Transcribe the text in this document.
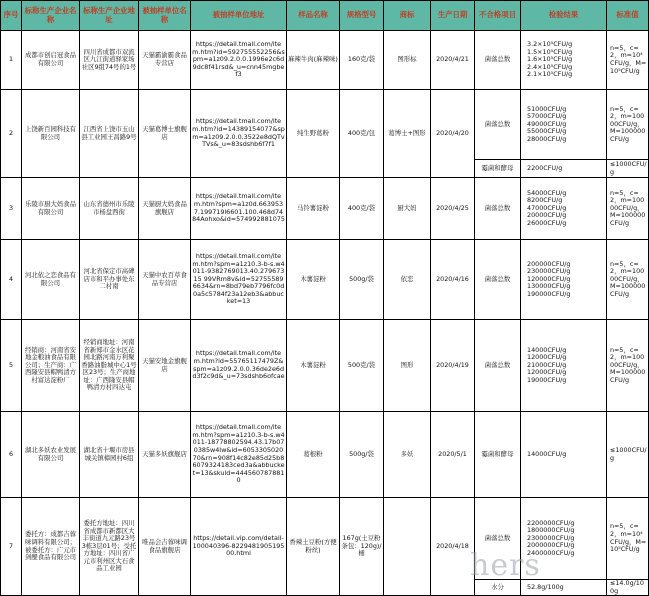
序号	标称生产企业名称	标称生产企业地址	被抽样单位名称	被抽样单位地址	样品名称	规格型号	商标	生产日期	不合格项目	检验结果	标准值
1	成都市创启冠食品有限公司	四川省成都市双流区九江街道驿家场社区9组74号的1号	天猫霸渝霸食品专营店	https://detail.tmall.com/item.htm?id=592755552256&spm=a1z09.2.0.0.1996e2c6d9dc8f41rsd&_u=cnn45mgbef3	麻辣牛肉(麻辣味)	160克/袋	图形标	2020/4/21	菌落总数	3.2×10⁵CFU/g
1.5×10⁵CFU/g
1.6×10⁵CFU/g
2.4×10⁵CFU/g
2.1×10⁵CFU/g	n=5，c=2，m=10⁴CFU/g，M=10⁵CFU/g
2	上饶新百园科技有限公司	江西省上饶市玉山县工业园王昌路9号	天猫葛博士旗舰店	https://detail.tmall.com/item.htm?id=14389154077&spm=a1z09.2.0.0.3522e8dQTvTVs&_u=83sdshb6f7f1	纯生野葛粉	400克/包	葛博士+图形	2020/4/20	菌落总数	51000CFU/g
57000CFU/g
49000CFU/g
55000CFU/g
28000CFU/g	n=5，c=2，m=10000CFU/g，M=100000CFU/g
									霉菌和酵母	2200CFU/g	≤1000CFU/g
3	乐陵市厨大妈食品有限公司	山东省德州市乐陵市杨盘西街	天猫厨大妈食品旗舰店	https://detail.tmall.com/item.htm?spm=a1z0d.6639537.199719l6601.100.468d7484Aohxo&id=574992881075	马铃薯淀粉	400克/袋	厨大妈	2020/4/25	菌落总数	54000CFU/g
8200CFU/g
47000CFU/g
20000CFU/g
26000CFU/g	n=5，c=2，m=10000CFU/g，M=100000CFU/g
4	河北依之恋食品有限公司	河北省保定市高碑店市和平办事处东二村南	天猫中农百草食品专营店	https://detail.tmall.com/item.htm?spm=a1z10.3-b-s.w4011-9382769013.40.27967315 99VRm8v&id=527555896634&rn=8bd79eb7796fc0d0a5c5784f23a12eb3&abbucket=13	木薯淀粉	500g/袋	依恋	2020/4/16	菌落总数	200000CFU/g
230000CFU/g
120000CFU/g
130000CFU/g
190000CFU/g	n=5，c=2，m=10000CFU/g，M=100000CFU/g
5	经销商：河南省安地金粮油食品有限公司；生产商：广西隆安县帽鸭清方村富达淀粉厂	经销商地址：河南省新郑市金水区花园北路河南万利聚香路油脂城中心1号区23号；生产商地址：广西隆安县帽鸭清方村四达屯	天猫安地金旗舰店	https://detail.tmall.com/item.htm?id=55765117479Z&spm=a1z09.2.0.0.36de2e6dd3f2c9d&_u=73sdshb6ofcae	木薯淀粉	500克/袋	图形	2020/4/19	菌落总数	14000CFU/g
12000CFU/g
21000CFU/g
12000CFU/g
19000CFU/g	n=5，c=2，m=10000CFU/g，M=100000CFU/g
6	湖北多妖农业发展有限公司	湖北省十堰市房县城关镇樟园村6组	天猫多妖旗舰店	https://detail.tmall.com/item.htm?spm=a1z10.3-b-s.w4011-18778802594.43.17b070385w4Iw&id=605330502070&rn=908f14c82e85d25b86079324183ced3a&abbucket=13&skuld=4445607878810	葛根粉	500g/袋	多妖	2020/5/1	霉菌和酵母	14000CFU/g	≤1000CFU/g
7	委托方：成都吉蓉味调料有限公司；被委托方：广元市剑醍食品有限公司	委托方地址：四川省成都市新都区大丰街道九元路23号3栋3层01号；受托方地址：四川省广元市利州区大石食品工业园	唯品会吉蓉味调食品旗舰店	https://detail.vip.com/detail-100040396-822948190519500.html	香辣土豆粉(方便粉丝)	167g(土豆粉条包：120g)/桶		2020/4/18	菌落总数	2200000CFU/g
1800000CFU/g
2300000CFU/g
2000000CFU/g
2400000CFU/g	n=5，c=2，m=10⁴CFU/g，M=10⁵CFU/g
									水分	52.8g/100g	≤14.0g/100g
hers
